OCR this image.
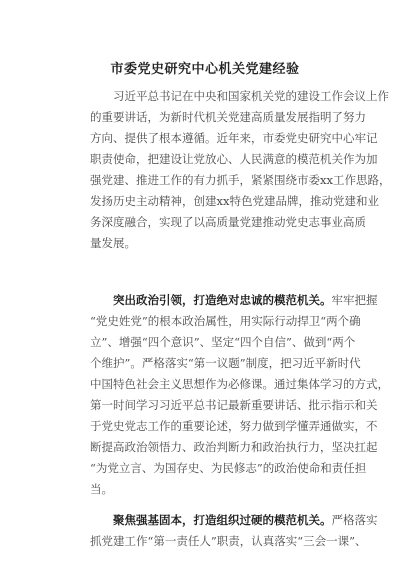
市委党史研究中心机关党建经验
习近平总书记在中央和国家机关党的建设工作会议上作
的重要讲话，为新时代机关党建高质量发展指明了努力
方向、提供了根本遵循。近年来，市委党史研究中心牢记
职责使命，把建设让党放心、人民满意的模范机关作为加
强党建、推进工作的有力抓手，紧紧围绕市委xx工作思路，
发扬历史主动精神，创建xx特色党建品牌，推动党建和业
务深度融合，实现了以高质量党建推动党史志事业高质
量发展。
突出政治引领，打造绝对忠诚的模范机关。牢牢把握
“党史姓党”的根本政治属性，用实际行动捍卫“两个确
立”、增强“四个意识”、坚定“四个自信”、做到“两个
个维护”。严格落实“第一议题”制度，把习近平新时代
中国特色社会主义思想作为必修课。通过集体学习的方式，
第一时间学习习近平总书记最新重要讲话、批示指示和关
于党史党志工作的重要论述，努力做到学懂弄通做实，不
断提高政治领悟力、政治判断力和政治执行力，坚决扛起
“为党立言、为国存史、为民修志”的政治使命和责任担
当。
聚焦强基固本，打造组织过硬的模范机关。严格落实
抓党建工作“第一责任人”职责，认真落实“三会一课”、
